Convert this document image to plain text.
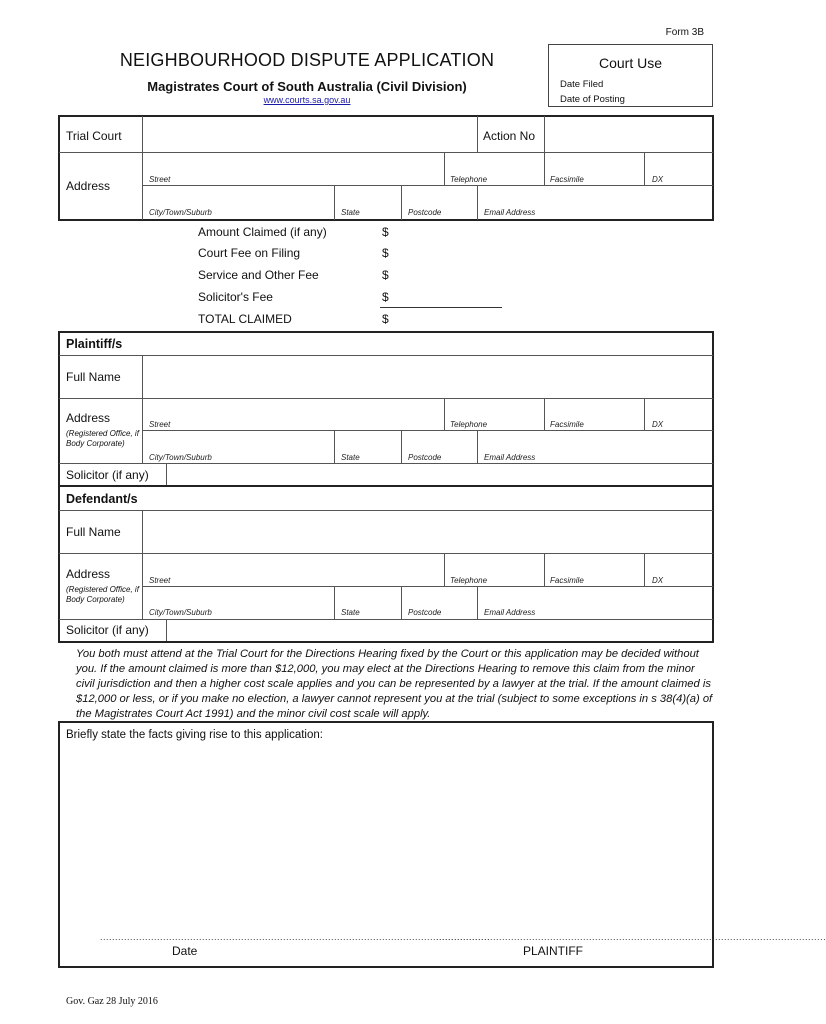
Form 3B
NEIGHBOURHOOD DISPUTE APPLICATION
Magistrates Court of South Australia (Civil Division)
www.courts.sa.gov.au
Court Use
Date Filed
Date of Posting
Trial Court	Action No
Address	Street	Telephone	Facsimile	DX
City/Town/Suburb	State	Postcode	Email Address
Amount Claimed (if any)	$
Court Fee on Filing	$
Service and Other Fee	$
Solicitor's Fee	$
TOTAL CLAIMED	$
Plaintiff/s
Full Name
Address
(Registered Office, if Body Corporate)
Street	Telephone	Facsimile	DX
City/Town/Suburb	State	Postcode	Email Address
Solicitor (if any)
Defendant/s
Full Name
Address
(Registered Office, if Body Corporate)
Street	Telephone	Facsimile	DX
City/Town/Suburb	State	Postcode	Email Address
Solicitor (if any)
You both must attend at the Trial Court for the Directions Hearing fixed by the Court or this application may be decided without you. If the amount claimed is more than $12,000, you may elect at the Directions Hearing to remove this claim from the minor civil jurisdiction and then a higher cost scale applies and you can be represented by a lawyer at the trial. If the amount claimed is $12,000 or less, or if you make no election, a lawyer cannot represent you at the trial (subject to some exceptions in s 38(4)(a) of the Magistrates Court Act 1991) and the minor civil cost scale will apply.
Briefly state the facts giving rise to this application:
..................................................................................................................................
Date
..................................................................................................................................
PLAINTIFF
Gov. Gaz 28 July 2016
